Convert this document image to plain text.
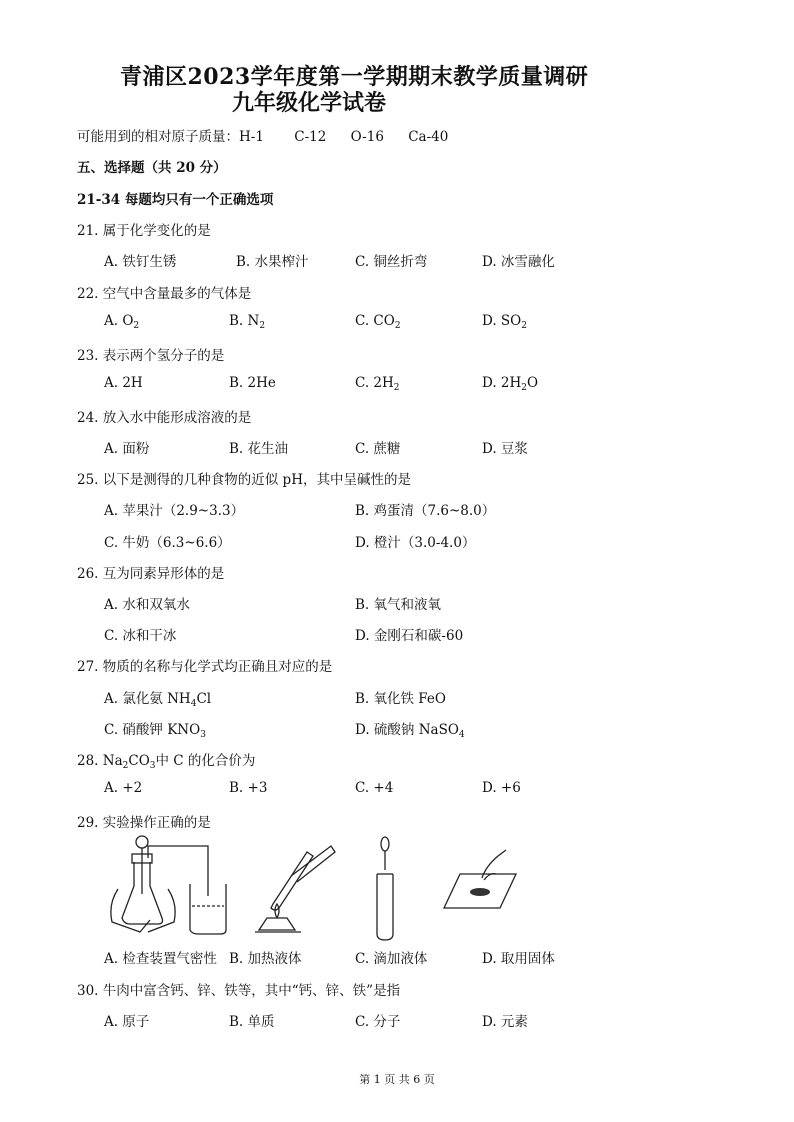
青浦区2023学年度第一学期期末教学质量调研
九年级化学试卷
可能用到的相对原子质量：H-1 C-12 O-16 Ca-40
五、选择题（共 20 分）
21-34 每题均只有一个正确选项
21. 属于化学变化的是
A. 铁钉生锈	B. 水果榨汁	C. 铜丝折弯	D. 冰雪融化
22. 空气中含量最多的气体是
A. $O_2$	B. $N_2$	C. $CO_2$	D. $SO_2$
23. 表示两个氢分子的是
A. 2H	B. 2He	C. $2H_2$	D. $2H_2O$
24. 放入水中能形成溶液的是
A. 面粉	B. 花生油	C. 蔗糖	D. 豆浆
25. 以下是测得的几种食物的近似 pH，其中呈碱性的是
A. 苹果汁（2.9~3.3）	B. 鸡蛋清（7.6~8.0）
C. 牛奶（6.3~6.6）	D. 橙汁（3.0-4.0）
26. 互为同素异形体的是
A. 水和双氧水	B. 氧气和液氧
C. 冰和干冰	D. 金刚石和碳-60
27. 物质的名称与化学式均正确且对应的是
A. 氯化氨 $NH_4Cl$	B. 氧化铁 FeO
C. 硝酸钾 $KNO_3$	D. 硫酸钠 NaSO$_4$
28. $Na_2CO_3$中 C 的化合价为
A. +2	B. +3	C. +4	D. +6
29. 实验操作正确的是
A. 检查装置气密性 B. 加热液体	C. 滴加液体	D. 取用固体
30. 牛肉中富含钙、锌、铁等，其中“钙、锌、铁”是指
A. 原子	B. 单质	C. 分子	D. 元素
第 1 页 共 6 页
